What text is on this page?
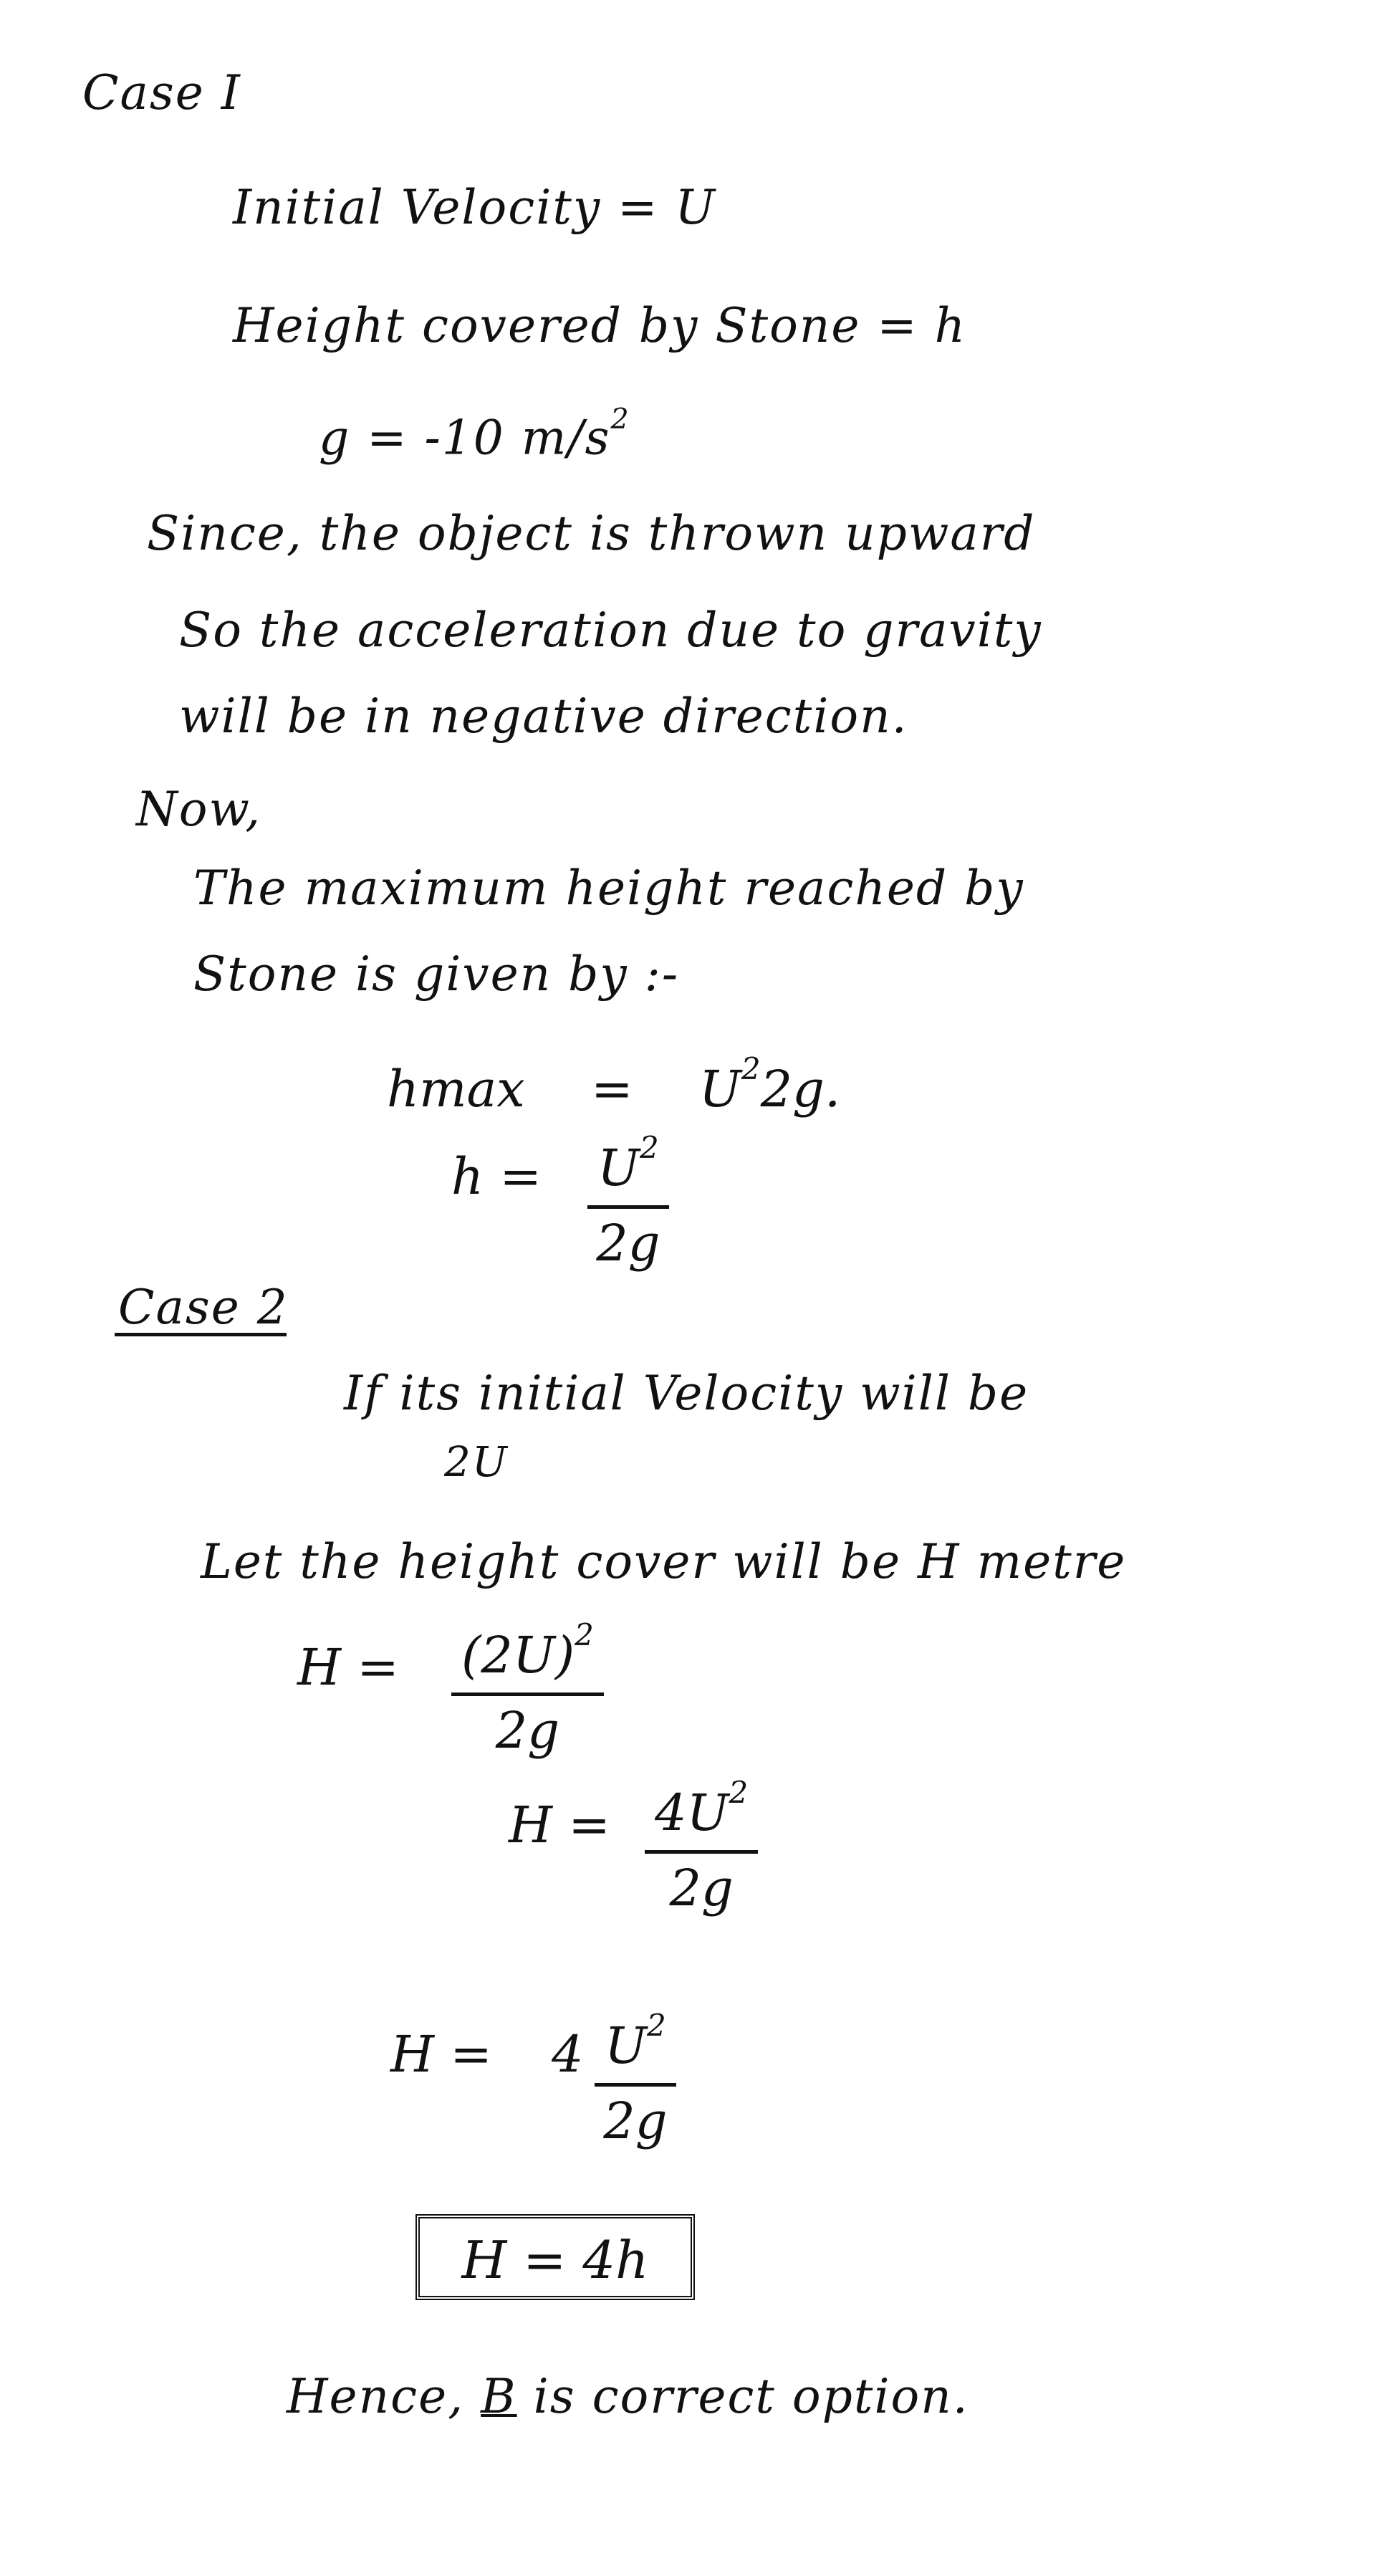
Case I
Initial Velocity = U
Height covered by Stone = h
g = -10 $m/s^2$
Since, the object is thrown upward
So the acceleration due to gravity
will be in negative direction.
Now,
The maximum height reached by
Stone is given by :-
$hmax = U^22g$.
$h = U^2$
2g
Case 2
If its initial Velocity will be
2U
Let the height cover will be H metre
$H = (2U)^2$
2g
$H = 4U^2$
2g
H = 4 $U^2$
2g
H = 4h
Hence, B is correct option.
